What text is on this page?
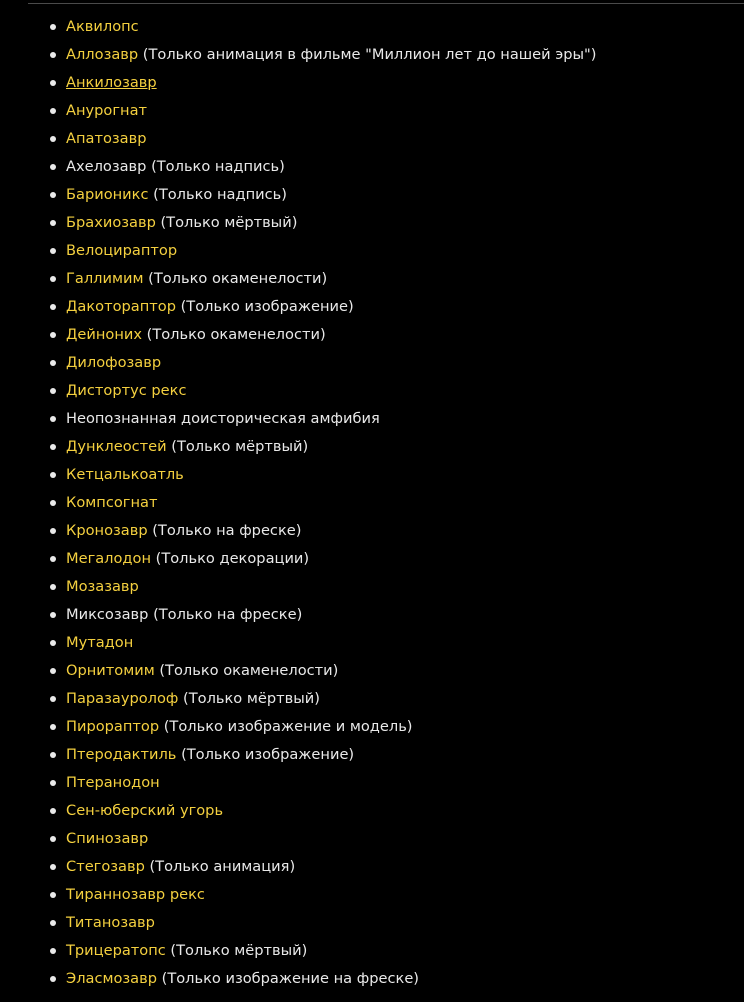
Аквилопс
Аллозавр (Только анимация в фильме "Миллион лет до нашей эры")
Анкилозавр
Анурогнат
Апатозавр
Ахелозавр (Только надпись)
Барионикс (Только надпись)
Брахиозавр (Только мёртвый)
Велоцираптор
Галлимим (Только окаменелости)
Дакотораптор (Только изображение)
Дейноних (Только окаменелости)
Дилофозавр
Дистортус рекс
Неопознанная доисторическая амфибия
Дунклеостей (Только мёртвый)
Кетцалькоатль
Компсогнат
Кронозавр (Только на фреске)
Мегалодон (Только декорации)
Мозазавр
Миксозавр (Только на фреске)
Мутадон
Орнитомим (Только окаменелости)
Паразауролоф (Только мёртвый)
Пирораптор (Только изображение и модель)
Птеродактиль (Только изображение)
Птеранодон
Сен-юберский угорь
Спинозавр
Стегозавр (Только анимация)
Тираннозавр рекс
Титанозавр
Трицератопс (Только мёртвый)
Эласмозавр (Только изображение на фреске)
